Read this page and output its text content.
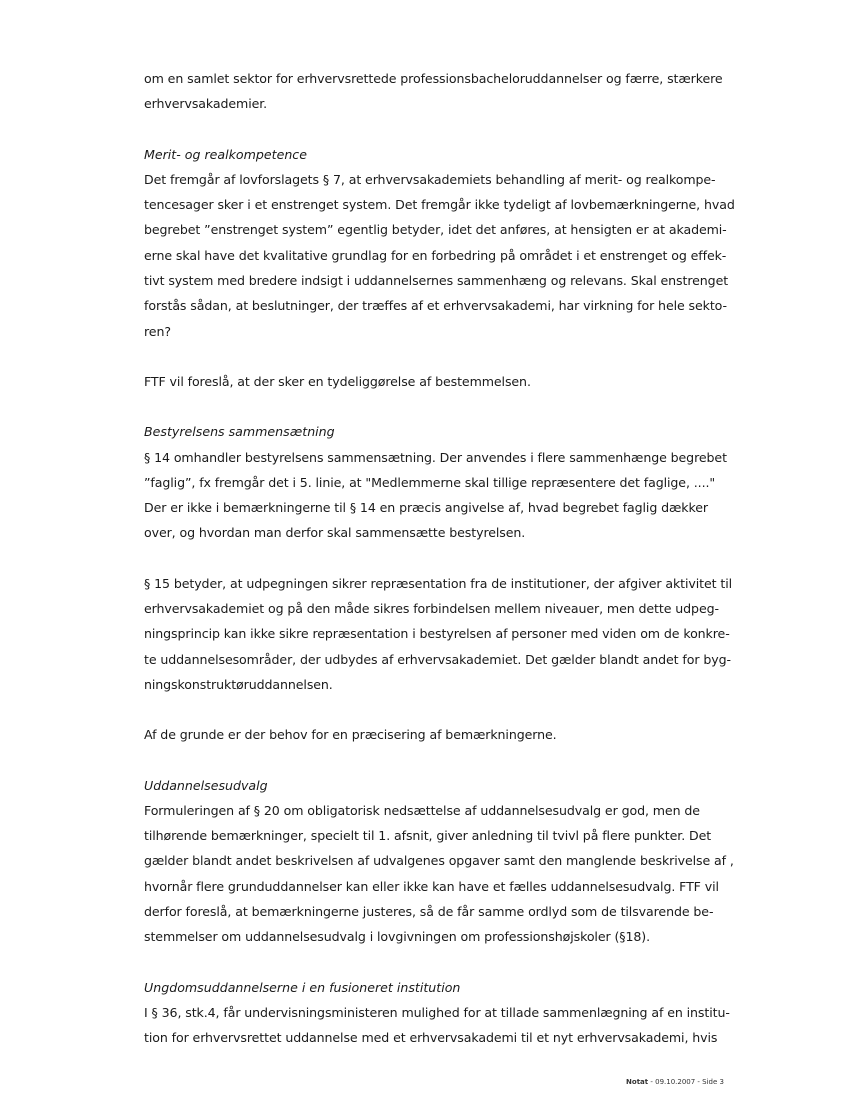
om en samlet sektor for erhvervsrettede professionsbacheloruddannelser og færre, stærkere

erhvervsakademier.

Merit- og realkompetence

Det fremgår af lovforslagets § 7, at erhvervsakademiets behandling af merit- og realkompe-

tencesager sker i et enstrenget system. Det fremgår ikke tydeligt af lovbemærkningerne, hvad

begrebet ”enstrenget system” egentlig betyder, idet det anføres, at hensigten er at akademi-

erne skal have det kvalitative grundlag for en forbedring på området i et enstrenget og effek-

tivt system med bredere indsigt i uddannelsernes sammenhæng og relevans. Skal enstrenget

forstås sådan, at beslutninger, der træffes af et erhvervsakademi, har virkning for hele sekto-

ren?

FTF vil foreslå, at der sker en tydeliggørelse af bestemmelsen.

Bestyrelsens sammensætning

§ 14 omhandler bestyrelsens sammensætning. Der anvendes i flere sammenhænge begrebet

”faglig”, fx fremgår det i 5. linie, at "Medlemmerne skal tillige repræsentere det faglige, ...."

Der er ikke i bemærkningerne til § 14 en præcis angivelse af, hvad begrebet faglig dækker

over, og hvordan man derfor skal sammensætte bestyrelsen.

§ 15 betyder, at udpegningen sikrer repræsentation fra de institutioner, der afgiver aktivitet til

erhvervsakademiet og på den måde sikres forbindelsen mellem niveauer, men dette udpeg-

ningsprincip kan ikke sikre repræsentation i bestyrelsen af personer med viden om de konkre-

te uddannelsesområder, der udbydes af erhvervsakademiet. Det gælder blandt andet for byg-

ningskonstruktøruddannelsen.

Af de grunde er der behov for en præcisering af bemærkningerne.

Uddannelsesudvalg

Formuleringen af § 20 om obligatorisk nedsættelse af uddannelsesudvalg er god, men de

tilhørende bemærkninger, specielt til 1. afsnit, giver anledning til tvivl på flere punkter. Det

gælder blandt andet beskrivelsen af udvalgenes opgaver samt den manglende beskrivelse af ,

hvornår flere grunduddannelser kan eller ikke kan have et fælles uddannelsesudvalg. FTF vil

derfor foreslå, at bemærkningerne justeres, så de får samme ordlyd som de tilsvarende be-

stemmelser om uddannelsesudvalg i lovgivningen om professionshøjskoler (§18).

Ungdomsuddannelserne i en fusioneret institution

I § 36, stk.4, får undervisningsministeren mulighed for at tillade sammenlægning af en institu-

tion for erhvervsrettet uddannelse med et erhvervsakademi til et nyt erhvervsakademi, hvis

Notat - 09.10.2007 - Side 3
